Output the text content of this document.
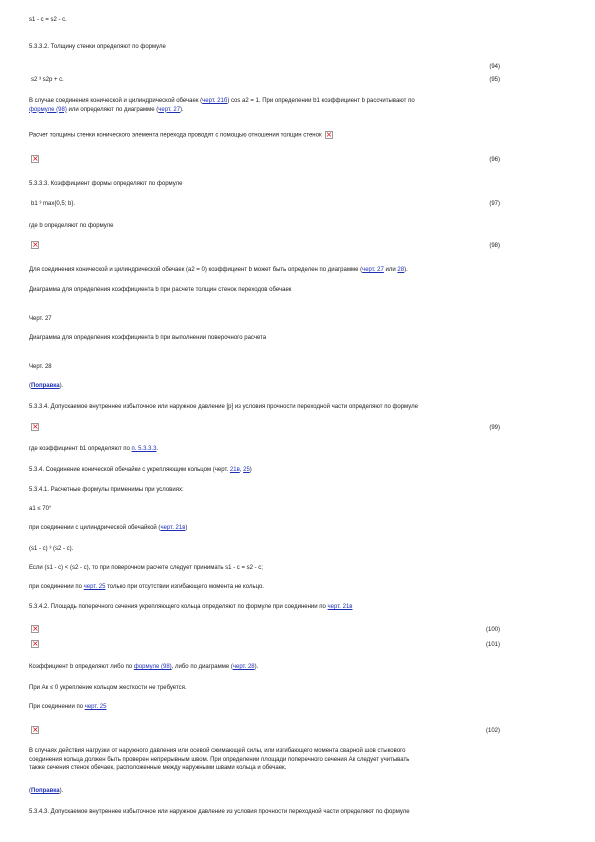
s1 - c = s2 - c.
5.3.3.2. Толщину стенки определяют по формуле
(94)
s2 ³ s2p + c.	(95)
В случае соединения конической и цилиндрической обечаек (черт. 21б) cos a2 = 1. При определении b1 коэффициент b рассчитывают по
формуле (98) или определяют по диаграмме (черт. 27).
Расчет толщины стенки конического элемента перехода проводят с помощью отношения толщин стенок×
×
(96)
5.3.3.3. Коэффициент формы определяют по формуле
b1 ³ max{0,5; b}.	(97)
где b определяют по формуле
×
(98)
Для соединения конической и цилиндрической обечаек (a2 = 0) коэффициент b может быть определен по диаграмме (черт. 27 или 28).
Диаграмма для определения коэффициента b при расчете толщин стенок переходов обечаек
Черт. 27
Диаграмма для определения коэффициента b при выполнении поверочного расчета
Черт. 28
(Поправка).
5.3.3.4. Допускаемое внутреннее избыточное или наружное давление [p] из условия прочности переходной части определяют по формуле
×
(99)
где коэффициент b1 определяют по п. 5.3.3.3.
5.3.4. Соединение конической обечайки с укрепляющим кольцом (черт. 21в, 25)
5.3.4.1. Расчетные формулы применимы при условиях:
a1 ≤ 70°
при соединении с цилиндрической обечайкой (черт. 21в)
(s1 - c) ³ (s2 - c).
Если (s1 - c) < (s2 - c), то при поверочном расчете следует принимать s1 - c = s2 - c;
при соединении по черт. 25 только при отсутствии изгибающего момента не кольцо.
5.3.4.2. Площадь поперечного сечения укрепляющего кольца определяют по формуле при соединении по черт. 21в
×
(100)
×
(101)
Коэффициент b определяют либо по формуле (98), либо по диаграмме (черт. 28).
При Ак ≤ 0 укрепление кольцом жесткости не требуется.
При соединении по черт. 25
×
(102)
В случаях действия нагрузки от наружного давления или осевой сжимающей силы, или изгибающего момента сварной шов стыкового
соединения кольца должен быть проверен непрерывным швом. При определении площади поперечного сечения Aк следует учитывать
также сечения стенок обечаек, расположенные между наружными швами кольца и обечаек.
(Поправка).
5.3.4.3. Допускаемое внутреннее избыточное или наружное давление из условия прочности переходной части определяют по формуле
